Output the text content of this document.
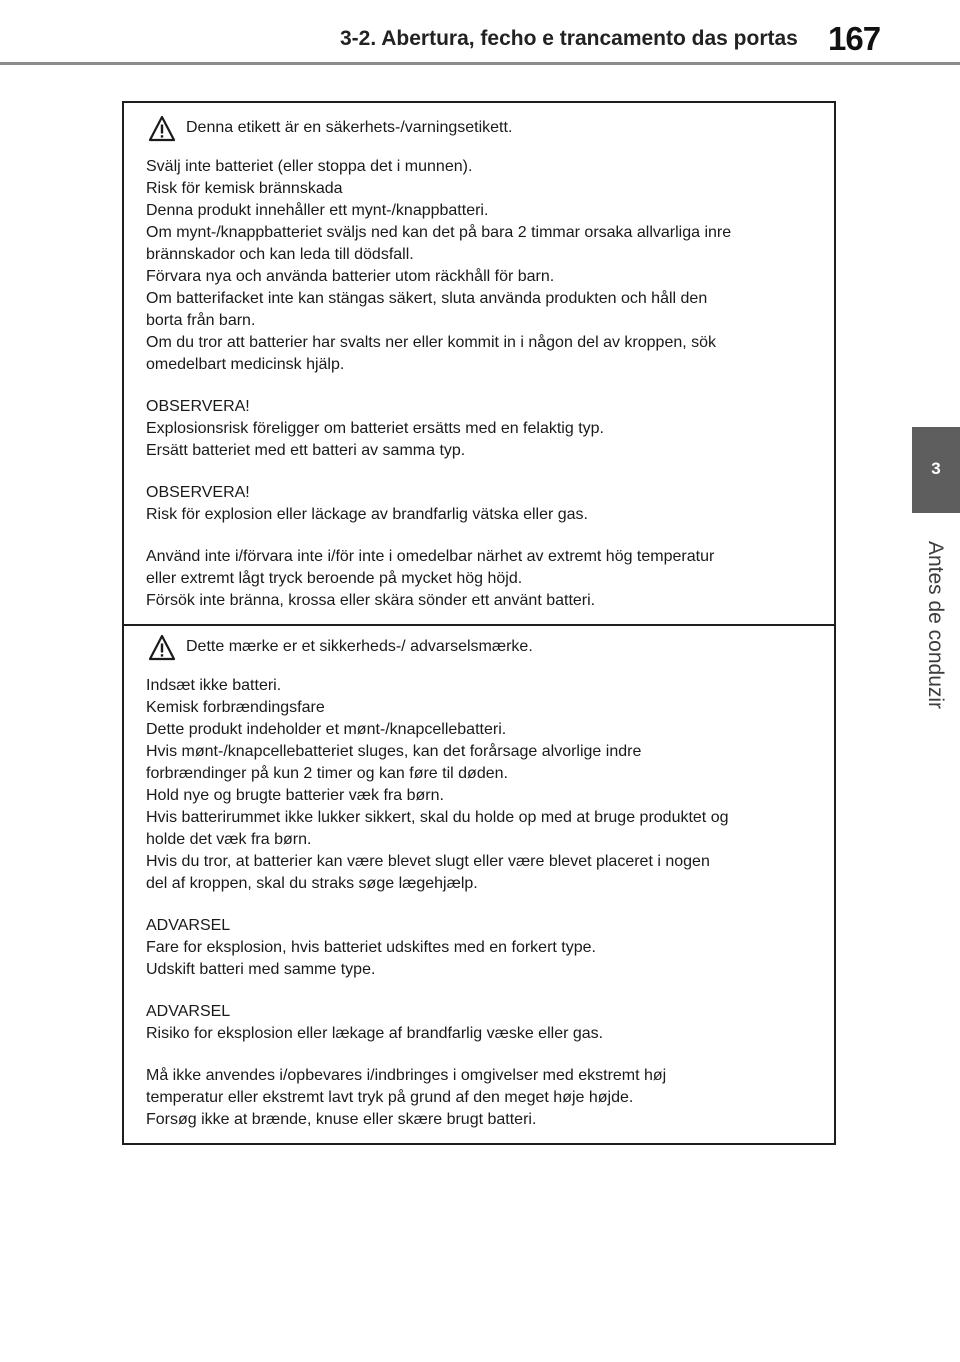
3-2. Abertura, fecho e trancamento das portas 167
3
Antes de conduzir
Denna etikett är en säkerhets-/varningsetikett.
Svälj inte batteriet (eller stoppa det i munnen).
Risk för kemisk brännskada
Denna produkt innehåller ett mynt-/knappbatteri.
Om mynt-/knappbatteriet sväljs ned kan det på bara 2 timmar orsaka allvarliga inre
brännskador och kan leda till dödsfall.
Förvara nya och använda batterier utom räckhåll för barn.
Om batterifacket inte kan stängas säkert, sluta använda produkten och håll den
borta från barn.
Om du tror att batterier har svalts ner eller kommit in i någon del av kroppen, sök
omedelbart medicinsk hjälp.
OBSERVERA!
Explosionsrisk föreligger om batteriet ersätts med en felaktig typ.
Ersätt batteriet med ett batteri av samma typ.
OBSERVERA!
Risk för explosion eller läckage av brandfarlig vätska eller gas.
Använd inte i/förvara inte i/för inte i omedelbar närhet av extremt hög temperatur
eller extremt lågt tryck beroende på mycket hög höjd.
Försök inte bränna, krossa eller skära sönder ett använt batteri.
Dette mærke er et sikkerheds-/ advarselsmærke.
Indsæt ikke batteri.
Kemisk forbrændingsfare
Dette produkt indeholder et mønt-/knapcellebatteri.
Hvis mønt-/knapcellebatteriet sluges, kan det forårsage alvorlige indre
forbrændinger på kun 2 timer og kan føre til døden.
Hold nye og brugte batterier væk fra børn.
Hvis batterirummet ikke lukker sikkert, skal du holde op med at bruge produktet og
holde det væk fra børn.
Hvis du tror, at batterier kan være blevet slugt eller være blevet placeret i nogen
del af kroppen, skal du straks søge lægehjælp.
ADVARSEL
Fare for eksplosion, hvis batteriet udskiftes med en forkert type.
Udskift batteri med samme type.
ADVARSEL
Risiko for eksplosion eller lækage af brandfarlig væske eller gas.
Må ikke anvendes i/opbevares i/indbringes i omgivelser med ekstremt høj
temperatur eller ekstremt lavt tryk på grund af den meget høje højde.
Forsøg ikke at brænde, knuse eller skære brugt batteri.
